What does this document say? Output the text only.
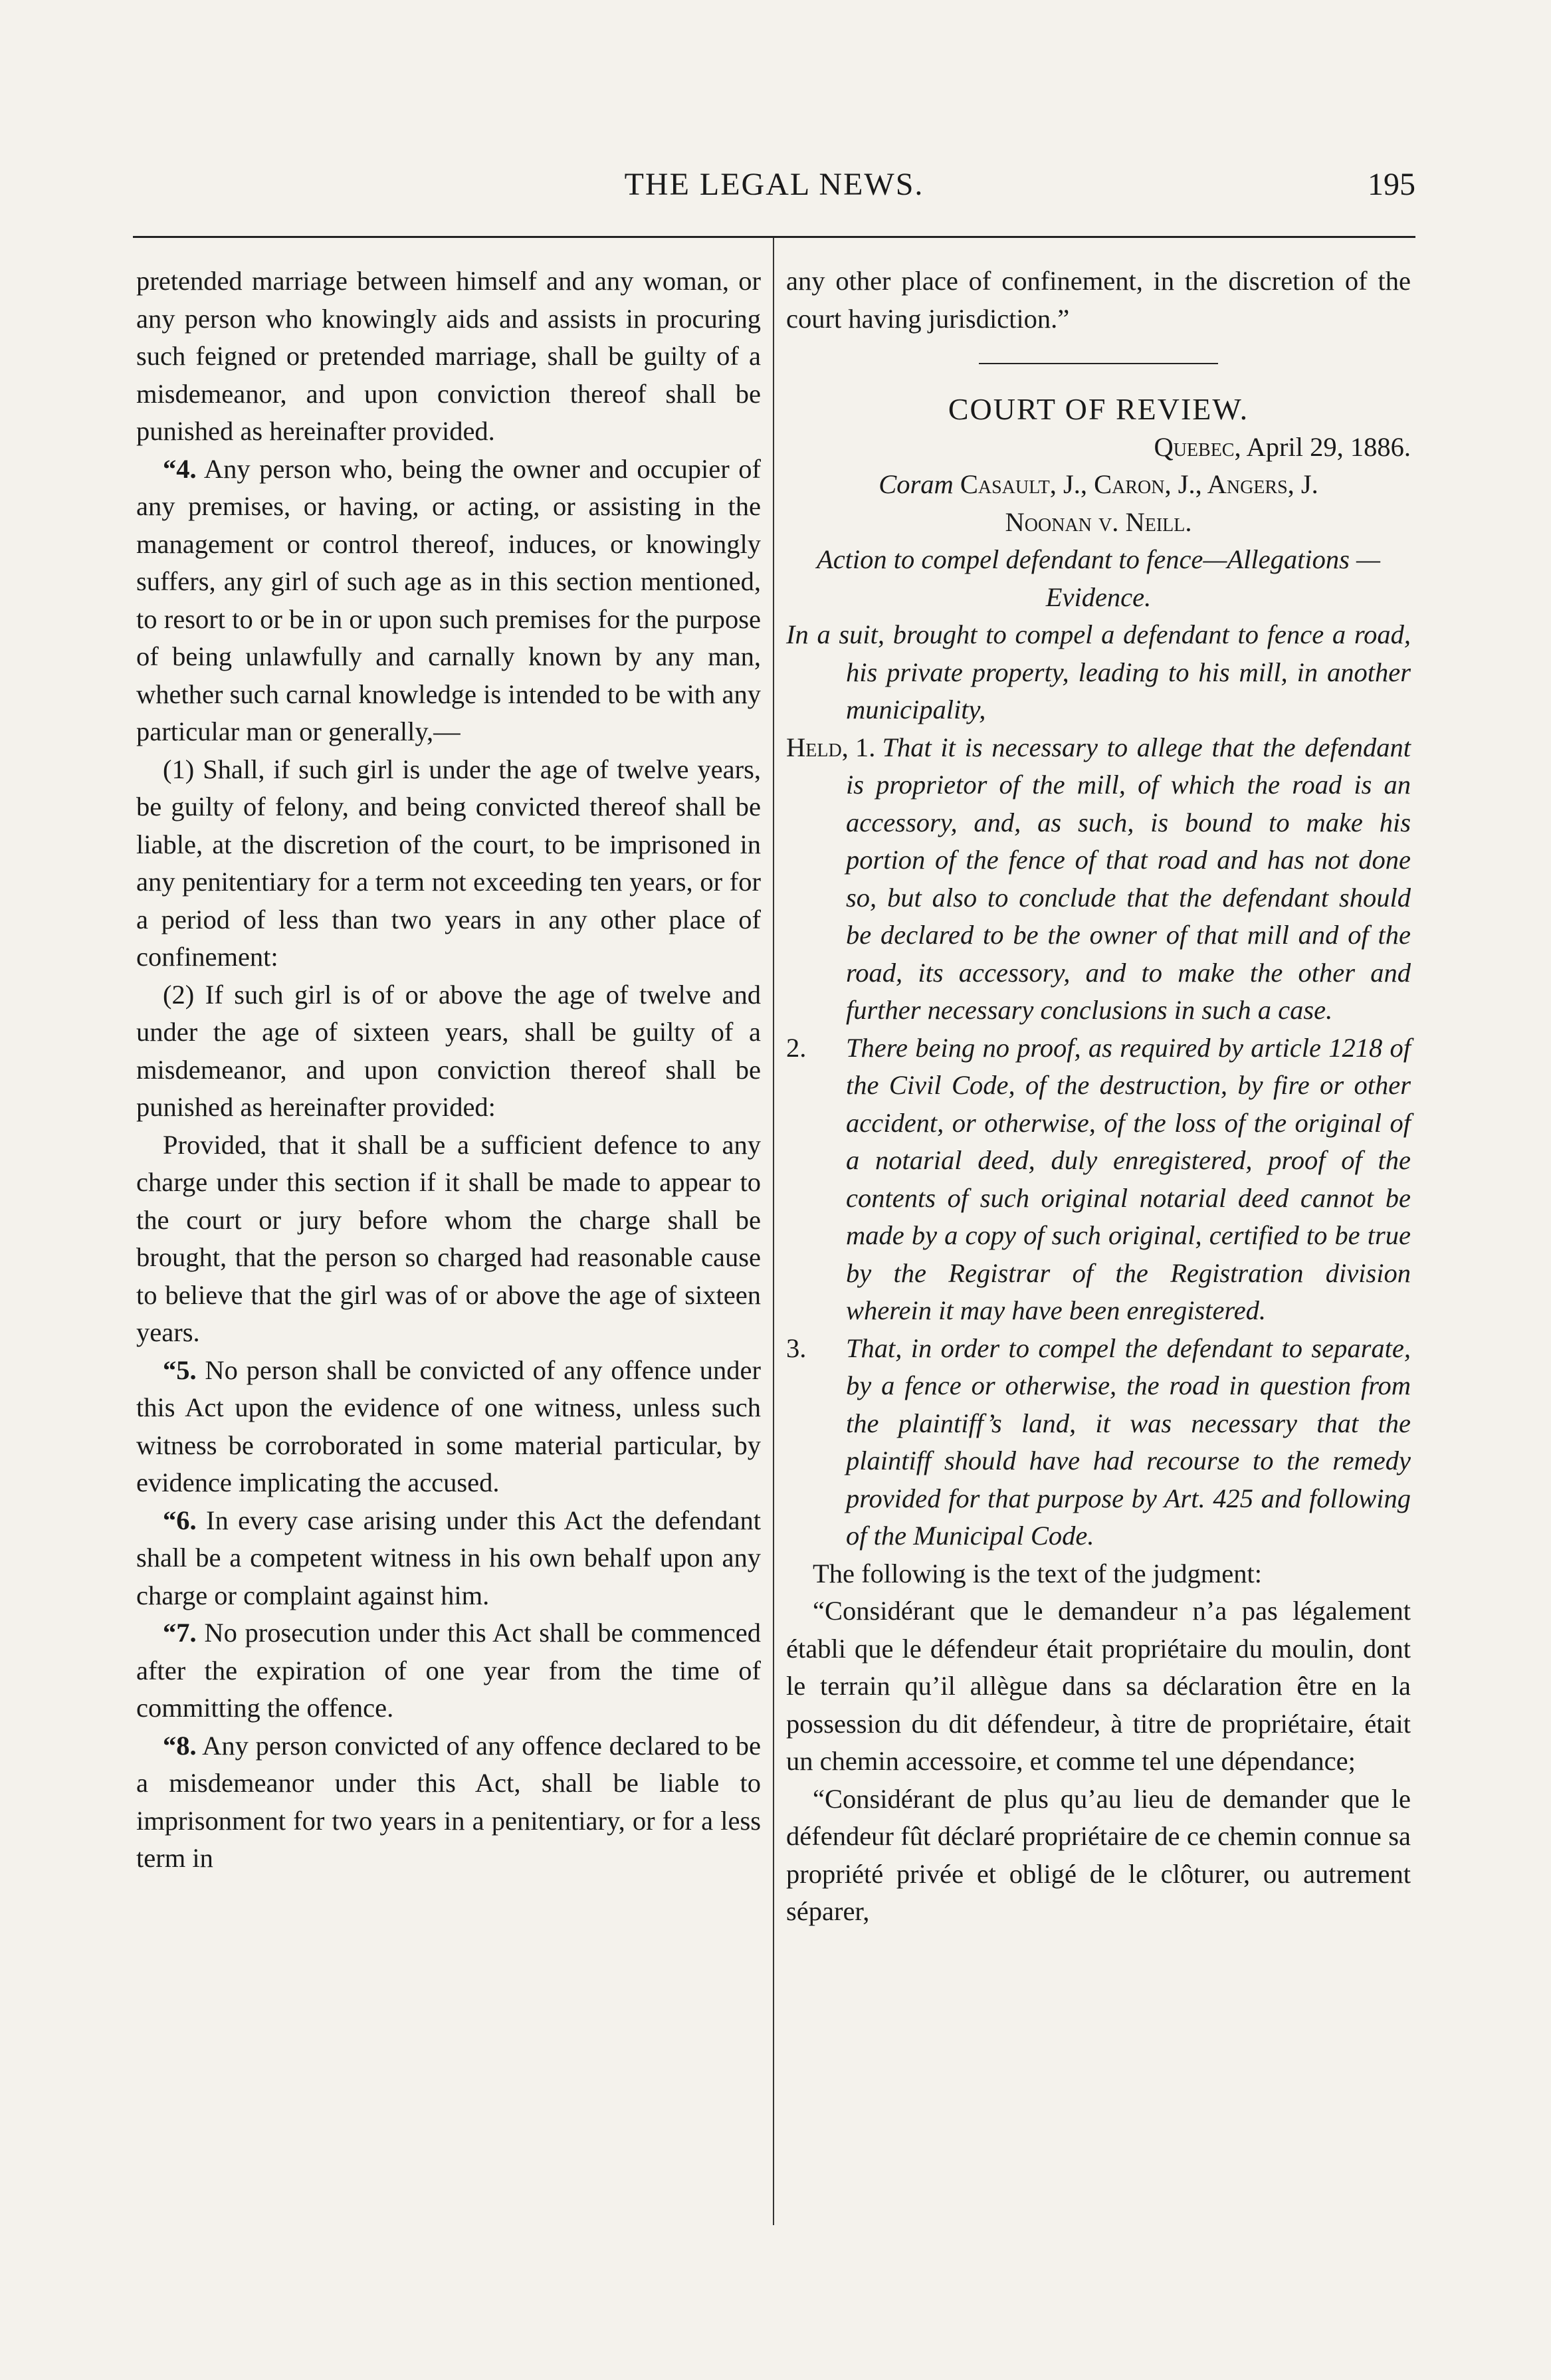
THE LEGAL NEWS.	195

pretended marriage between himself and any woman, or any person who knowingly aids and assists in procuring such feigned or pretended marriage, shall be guilty of a misdemeanor, and upon conviction thereof shall be punished as hereinafter provided.

“4. Any person who, being the owner and occupier of any premises, or having, or acting, or assisting in the management or control thereof, induces, or knowingly suffers, any girl of such age as in this section mentioned, to resort to or be in or upon such premises for the purpose of being unlawfully and carnally known by any man, whether such carnal knowledge is intended to be with any particular man or generally,—

(1) Shall, if such girl is under the age of twelve years, be guilty of felony, and being convicted thereof shall be liable, at the discretion of the court, to be imprisoned in any penitentiary for a term not exceeding ten years, or for a period of less than two years in any other place of confinement:

(2) If such girl is of or above the age of twelve and under the age of sixteen years, shall be guilty of a misdemeanor, and upon conviction thereof shall be punished as hereinafter provided:

Provided, that it shall be a sufficient defence to any charge under this section if it shall be made to appear to the court or jury before whom the charge shall be brought, that the person so charged had reasonable cause to believe that the girl was of or above the age of sixteen years.

“5. No person shall be convicted of any offence under this Act upon the evidence of one witness, unless such witness be corroborated in some material particular, by evidence implicating the accused.

“6. In every case arising under this Act the defendant shall be a competent witness in his own behalf upon any charge or complaint against him.

“7. No prosecution under this Act shall be commenced after the expiration of one year from the time of committing the offence.

“8. Any person convicted of any offence declared to be a misdemeanor under this Act, shall be liable to imprisonment for two years in a penitentiary, or for a less term in

any other place of confinement, in the discretion of the court having jurisdiction.”

COURT OF REVIEW.

Quebec, April 29, 1886.

Coram Casault, J., Caron, J., Angers, J.

Noonan v. Neill.

Action to compel defendant to fence—Allegations —Evidence.

In a suit, brought to compel a defendant to fence a road, his private property, leading to his mill, in another municipality,

Held, 1. That it is necessary to allege that the defendant is proprietor of the mill, of which the road is an accessory, and, as such, is bound to make his portion of the fence of that road and has not done so, but also to conclude that the defendant should be declared to be the owner of that mill and of the road, its accessory, and to make the other and further necessary conclusions in such a case.

2. There being no proof, as required by article 1218 of the Civil Code, of the destruction, by fire or other accident, or otherwise, of the loss of the original of a notarial deed, duly enregistered, proof of the contents of such original notarial deed cannot be made by a copy of such original, certified to be true by the Registrar of the Registration division wherein it may have been enregistered.

3. That, in order to compel the defendant to separate, by a fence or otherwise, the road in question from the plaintiff’s land, it was necessary that the plaintiff should have had recourse to the remedy provided for that purpose by Art. 425 and following of the Municipal Code.

The following is the text of the judgment:

“Considérant que le demandeur n’a pas légalement établi que le défendeur était propriétaire du moulin, dont le terrain qu’il allègue dans sa déclaration être en la possession du dit défendeur, à titre de propriétaire, était un chemin accessoire, et comme tel une dépendance;

“Considérant de plus qu’au lieu de demander que le défendeur fût déclaré propriétaire de ce chemin connue sa propriété privée et obligé de le clôturer, ou autrement séparer,
